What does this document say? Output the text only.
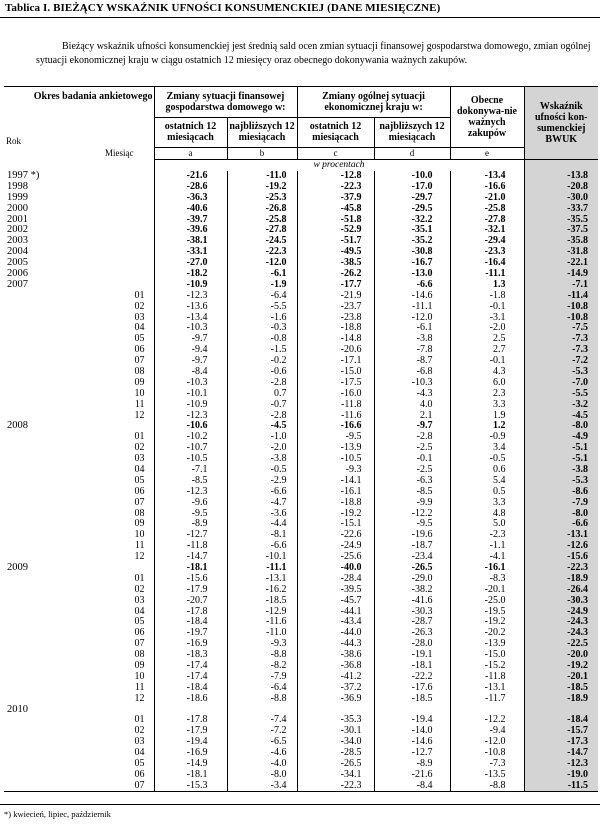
Tablica I. BIEŻĄCY WSKAŹNIK UFNOŚCI KONSUMENCKIEJ (DANE MIESIĘCZNE)

Bieżący wskaźnik ufności konsumenckiej jest średnią sald ocen zmian sytuacji finansowej gospodarstwa domowego, zmian ogólnej sytuacji ekonomicznej kraju w ciągu ostatnich 12 miesięcy oraz obecnego dokonywania ważnych zakupów.

Okres badania ankietowego		Zmiany sytuacji finansowej gospodarstwa domowego w:		Zmiany ogólnej sytuacji ekonomicznej kraju w:		Obecne dokonywa-nie ważnych zakupów	Wskaźnik ufności kon-sumenckiej BWUK
Rok		ostatnich 12 miesiącach	najbliższych 12 miesiącach	ostatnich 12 miesiącach	najbliższych 12 miesiącach		
Miesiąc		a	b	c	d	e	
		w procentach					
1997 *)		-21.6	-11.0	-12.8	-10.0	-13.4	-13.8
1998		-28.6	-19.2	-22.3	-17.0	-16.6	-20.8
1999		-36.3	-25.3	-37.9	-29.7	-21.0	-30.0
2000		-40.6	-26.8	-45.8	-29.5	-25.8	-33.7
2001		-39.7	-25.8	-51.8	-32.2	-27.8	-35.5
2002		-39.6	-27.8	-52.9	-35.1	-32.1	-37.5
2003		-38.1	-24.5	-51.7	-35.2	-29.4	-35.8
2004		-33.1	-22.3	-49.5	-30.8	-23.3	-31.8
2005		-27.0	-12.0	-38.5	-16.7	-16.4	-22.1
2006		-18.2	-6.1	-26.2	-13.0	-11.1	-14.9
2007		-10.9	-1.9	-17.7	-6.6	1.3	-7.1
	01	-12.3	-6.4	-21.9	-14.6	-1.8	-11.4
	02	-13.6	-5.5	-23.7	-11.1	-0.1	-10.8
	03	-13.4	-1.6	-23.8	-12.0	-3.1	-10.8
	04	-10.3	-0.3	-18.8	-6.1	-2.0	-7.5
	05	-9.7	-0.8	-14.8	-3.8	2.5	-7.3
	06	-9.4	-1.5	-20.6	-7.8	2.7	-7.3
	07	-9.7	-0.2	-17.1	-8.7	-0.1	-7.2
	08	-8.4	-0.6	-15.0	-6.8	4.3	-5.3
	09	-10.3	-2.8	-17.5	-10.3	6.0	-7.0
	10	-10.1	0.7	-16.0	-4.3	2.3	-5.5
	11	-10.9	-0.7	-11.8	4.0	3.3	-3.2
	12	-12.3	-2.8	-11.6	2.1	1.9	-4.5
2008		-10.6	-4.5	-16.6	-9.7	1.2	-8.0
	01	-10.2	-1.0	-9.5	-2.8	-0.9	-4.9
	02	-10.7	-2.0	-13.9	-2.5	3.4	-5.1
	03	-10.5	-3.8	-10.5	-0.1	-0.5	-5.1
	04	-7.1	-0.5	-9.3	-2.5	0.6	-3.8
	05	-8.5	-2.9	-14.1	-6.3	5.4	-5.3
	06	-12.3	-6.6	-16.1	-8.5	0.5	-8.6
	07	-9.6	-4.7	-18.8	-9.9	3.3	-7.9
	08	-9.5	-3.6	-19.2	-12.2	4.8	-8.0
	09	-8.9	-4.4	-15.1	-9.5	5.0	-6.6
	10	-12.7	-8.1	-22.6	-19.6	-2.3	-13.1
	11	-11.8	-6.6	-24.9	-18.7	-1.1	-12.6
	12	-14.7	-10.1	-25.6	-23.4	-4.1	-15.6
2009		-18.1	-11.1	-40.0	-26.5	-16.1	-22.3
	01	-15.6	-13.1	-28.4	-29.0	-8.3	-18.9
	02	-17.9	-16.2	-39.5	-38.2	-20.1	-26.4
	03	-20.7	-18.5	-45.7	-41.6	-25.0	-30.3
	04	-17.8	-12.9	-44.1	-30.3	-19.5	-24.9
	05	-18.4	-11.6	-43.4	-28.7	-19.2	-24.3
	06	-19.7	-11.0	-44.0	-26.3	-20.2	-24.3
	07	-16.9	-9.3	-44.3	-28.0	-13.9	-22.5
	08	-18.3	-8.8	-38.6	-19.1	-15.0	-20.0
	09	-17.4	-8.2	-36.8	-18.1	-15.2	-19.2
	10	-17.4	-7.9	-41.2	-22.2	-11.8	-20.1
	11	-18.4	-6.4	-37.2	-17.6	-13.1	-18.5
	12	-18.6	-8.8	-36.9	-18.5	-11.7	-18.9
2010							
	01	-17.8	-7.4	-35.3	-19.4	-12.2	-18.4
	02	-17.9	-7.2	-30.1	-14.0	-9.4	-15.7
	03	-19.4	-6.5	-34.0	-14.6	-12.0	-17.3
	04	-16.9	-4.6	-28.5	-12.7	-10.8	-14.7
	05	-14.9	-4.0	-26.5	-8.9	-7.3	-12.3
	06	-18.1	-8.0	-34.1	-21.6	-13.5	-19.0
	07	-15.3	-3.4	-22.3	-8.4	-8.8	-11.5
*) kwiecień, lipiec, październik
